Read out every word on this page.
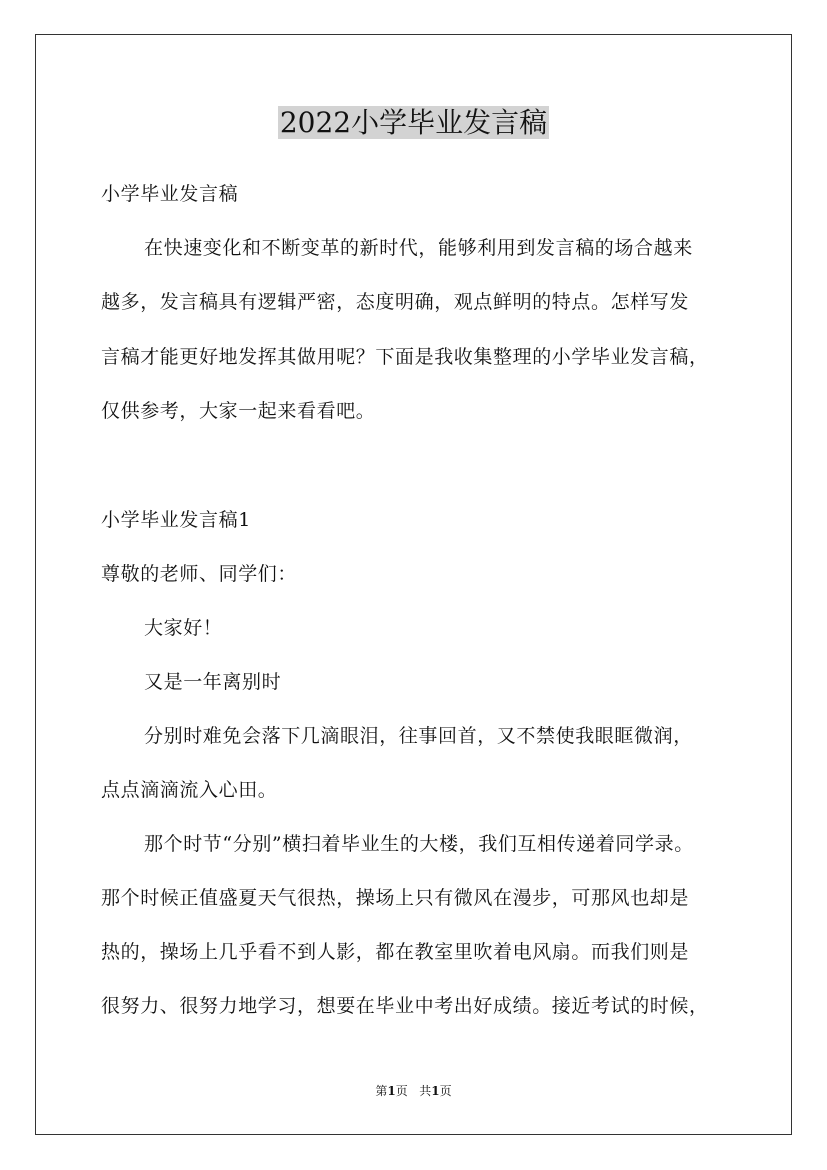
2022小学毕业发言稿
小学毕业发言稿
在快速变化和不断变革的新时代，能够利用到发言稿的场合越来
越多，发言稿具有逻辑严密，态度明确，观点鲜明的特点。怎样写发
言稿才能更好地发挥其做用呢？下面是我收集整理的小学毕业发言稿，
仅供参考，大家一起来看看吧。
小学毕业发言稿1
尊敬的老师、同学们：
大家好！
又是一年离别时
分别时难免会落下几滴眼泪，往事回首，又不禁使我眼眶微润，
点点滴滴流入心田。
那个时节“分别”横扫着毕业生的大楼，我们互相传递着同学录。
那个时候正值盛夏天气很热，操场上只有微风在漫步，可那风也却是
热的，操场上几乎看不到人影，都在教室里吹着电风扇。而我们则是
很努力、很努力地学习，想要在毕业中考出好成绩。接近考试的时候，
第1页 共1页
